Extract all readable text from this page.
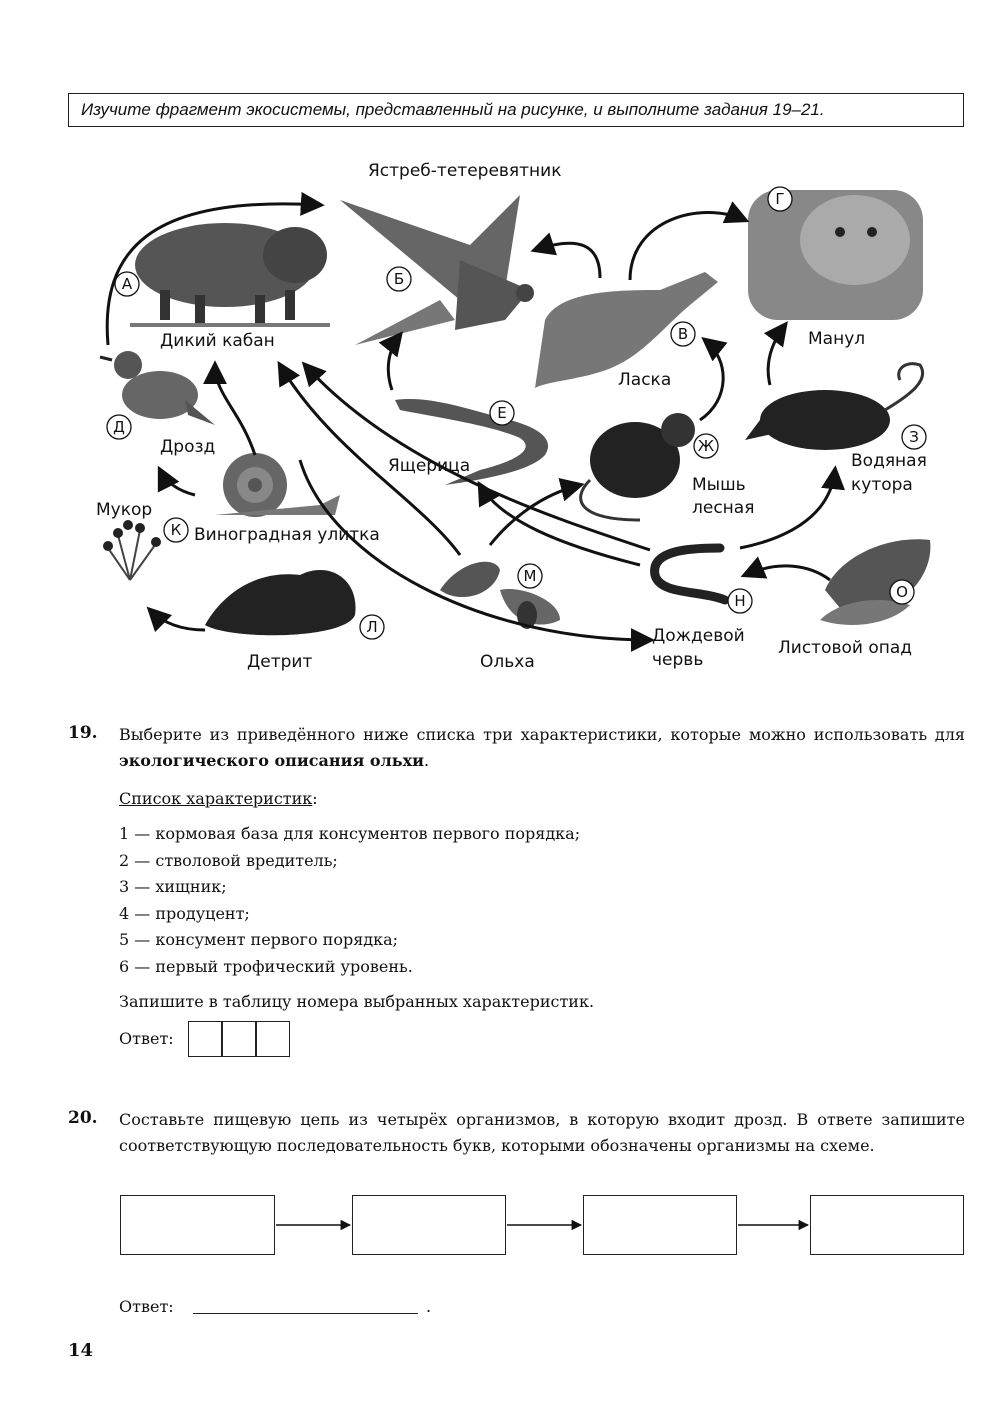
Изучите фрагмент экосистемы, представленный на рисунке, и выполните задания 19–21.
А	Б
В
Г
Д
Е
Ж	З
К
Л
М
Н	О
Ястреб-тетеревятник
Дикий кабан	Манул
Ласка
Дрозд
Ящерица	Водяная
кутора
Мышь
лесная
Мукор
Виноградная улитка
Дождевой
червь
Листовой опад
Детрит	Ольха
19. Выберите из приведённого ниже списка три характеристики, которые можно использовать для экологического описания ольхи.
Список характеристик:
1 — кормовая база для консументов первого порядка;
2 — стволовой вредитель;
3 — хищник;
4 — продуцент;
5 — консумент первого порядка;
6 — первый трофический уровень.
Запишите в таблицу номера выбранных характеристик.
Ответ:
20. Составьте пищевую цепь из четырёх организмов, в которую входит дрозд. В ответе запишите соответствующую последовательность букв, которыми обозначены организмы на схеме.
Ответ:	.
14
